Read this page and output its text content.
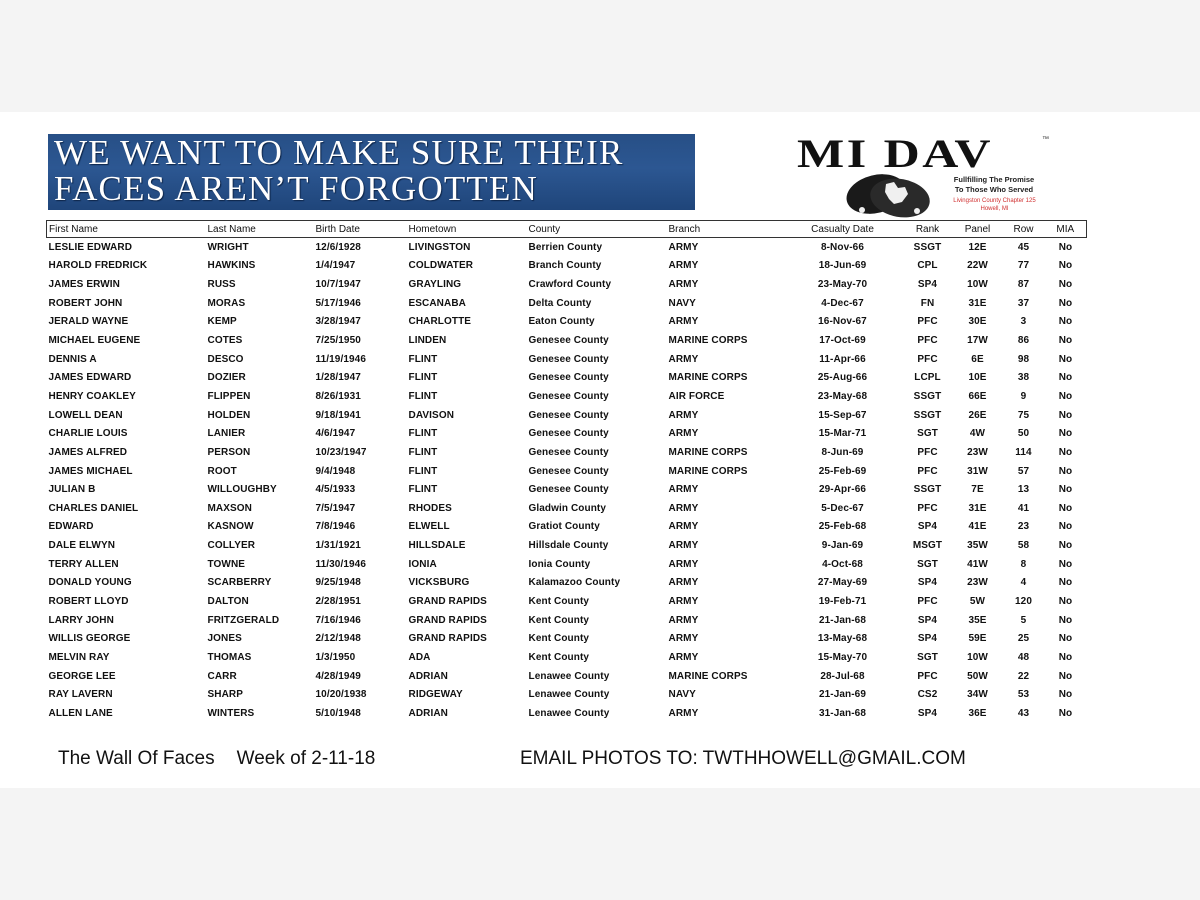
WE WANT TO MAKE SURE THEIR
FACES AREN’T FORGOTTEN
MI DAV	™
Fullfilling The Promise
To Those Who Served
Livingston County Chapter 125
Howell, MI
First Name	Last Name	Birth Date	Hometown	County	Branch	Casualty Date	Rank	Panel	Row	MIA
LESLIE EDWARD	WRIGHT	12/6/1928	LIVINGSTON	Berrien County	ARMY	8-Nov-66	SSGT	12E	45	No
HAROLD FREDRICK	HAWKINS	1/4/1947	COLDWATER	Branch County	ARMY	18-Jun-69	CPL	22W	77	No
JAMES ERWIN	RUSS	10/7/1947	GRAYLING	Crawford County	ARMY	23-May-70	SP4	10W	87	No
ROBERT JOHN	MORAS	5/17/1946	ESCANABA	Delta County	NAVY	4-Dec-67	FN	31E	37	No
JERALD WAYNE	KEMP	3/28/1947	CHARLOTTE	Eaton County	ARMY	16-Nov-67	PFC	30E	3	No
MICHAEL EUGENE	COTES	7/25/1950	LINDEN	Genesee County	MARINE CORPS	17-Oct-69	PFC	17W	86	No
DENNIS A	DESCO	11/19/1946	FLINT	Genesee County	ARMY	11-Apr-66	PFC	6E	98	No
JAMES EDWARD	DOZIER	1/28/1947	FLINT	Genesee County	MARINE CORPS	25-Aug-66	LCPL	10E	38	No
HENRY COAKLEY	FLIPPEN	8/26/1931	FLINT	Genesee County	AIR FORCE	23-May-68	SSGT	66E	9	No
LOWELL DEAN	HOLDEN	9/18/1941	DAVISON	Genesee County	ARMY	15-Sep-67	SSGT	26E	75	No
CHARLIE LOUIS	LANIER	4/6/1947	FLINT	Genesee County	ARMY	15-Mar-71	SGT	4W	50	No
JAMES ALFRED	PERSON	10/23/1947	FLINT	Genesee County	MARINE CORPS	8-Jun-69	PFC	23W	114	No
JAMES MICHAEL	ROOT	9/4/1948	FLINT	Genesee County	MARINE CORPS	25-Feb-69	PFC	31W	57	No
JULIAN B	WILLOUGHBY	4/5/1933	FLINT	Genesee County	ARMY	29-Apr-66	SSGT	7E	13	No
CHARLES DANIEL	MAXSON	7/5/1947	RHODES	Gladwin County	ARMY	5-Dec-67	PFC	31E	41	No
EDWARD	KASNOW	7/8/1946	ELWELL	Gratiot County	ARMY	25-Feb-68	SP4	41E	23	No
DALE ELWYN	COLLYER	1/31/1921	HILLSDALE	Hillsdale County	ARMY	9-Jan-69	MSGT	35W	58	No
TERRY ALLEN	TOWNE	11/30/1946	IONIA	Ionia County	ARMY	4-Oct-68	SGT	41W	8	No
DONALD YOUNG	SCARBERRY	9/25/1948	VICKSBURG	Kalamazoo County	ARMY	27-May-69	SP4	23W	4	No
ROBERT LLOYD	DALTON	2/28/1951	GRAND RAPIDS	Kent County	ARMY	19-Feb-71	PFC	5W	120	No
LARRY JOHN	FRITZGERALD	7/16/1946	GRAND RAPIDS	Kent County	ARMY	21-Jan-68	SP4	35E	5	No
WILLIS GEORGE	JONES	2/12/1948	GRAND RAPIDS	Kent County	ARMY	13-May-68	SP4	59E	25	No
MELVIN RAY	THOMAS	1/3/1950	ADA	Kent County	ARMY	15-May-70	SGT	10W	48	No
GEORGE LEE	CARR	4/28/1949	ADRIAN	Lenawee County	MARINE CORPS	28-Jul-68	PFC	50W	22	No
RAY LAVERN	SHARP	10/20/1938	RIDGEWAY	Lenawee County	NAVY	21-Jan-69	CS2	34W	53	No
ALLEN LANE	WINTERS	5/10/1948	ADRIAN	Lenawee County	ARMY	31-Jan-68	SP4	36E	43	No
The Wall Of Faces Week of 2-11-18	EMAIL PHOTOS TO: TWTHHOWELL@GMAIL.COM
